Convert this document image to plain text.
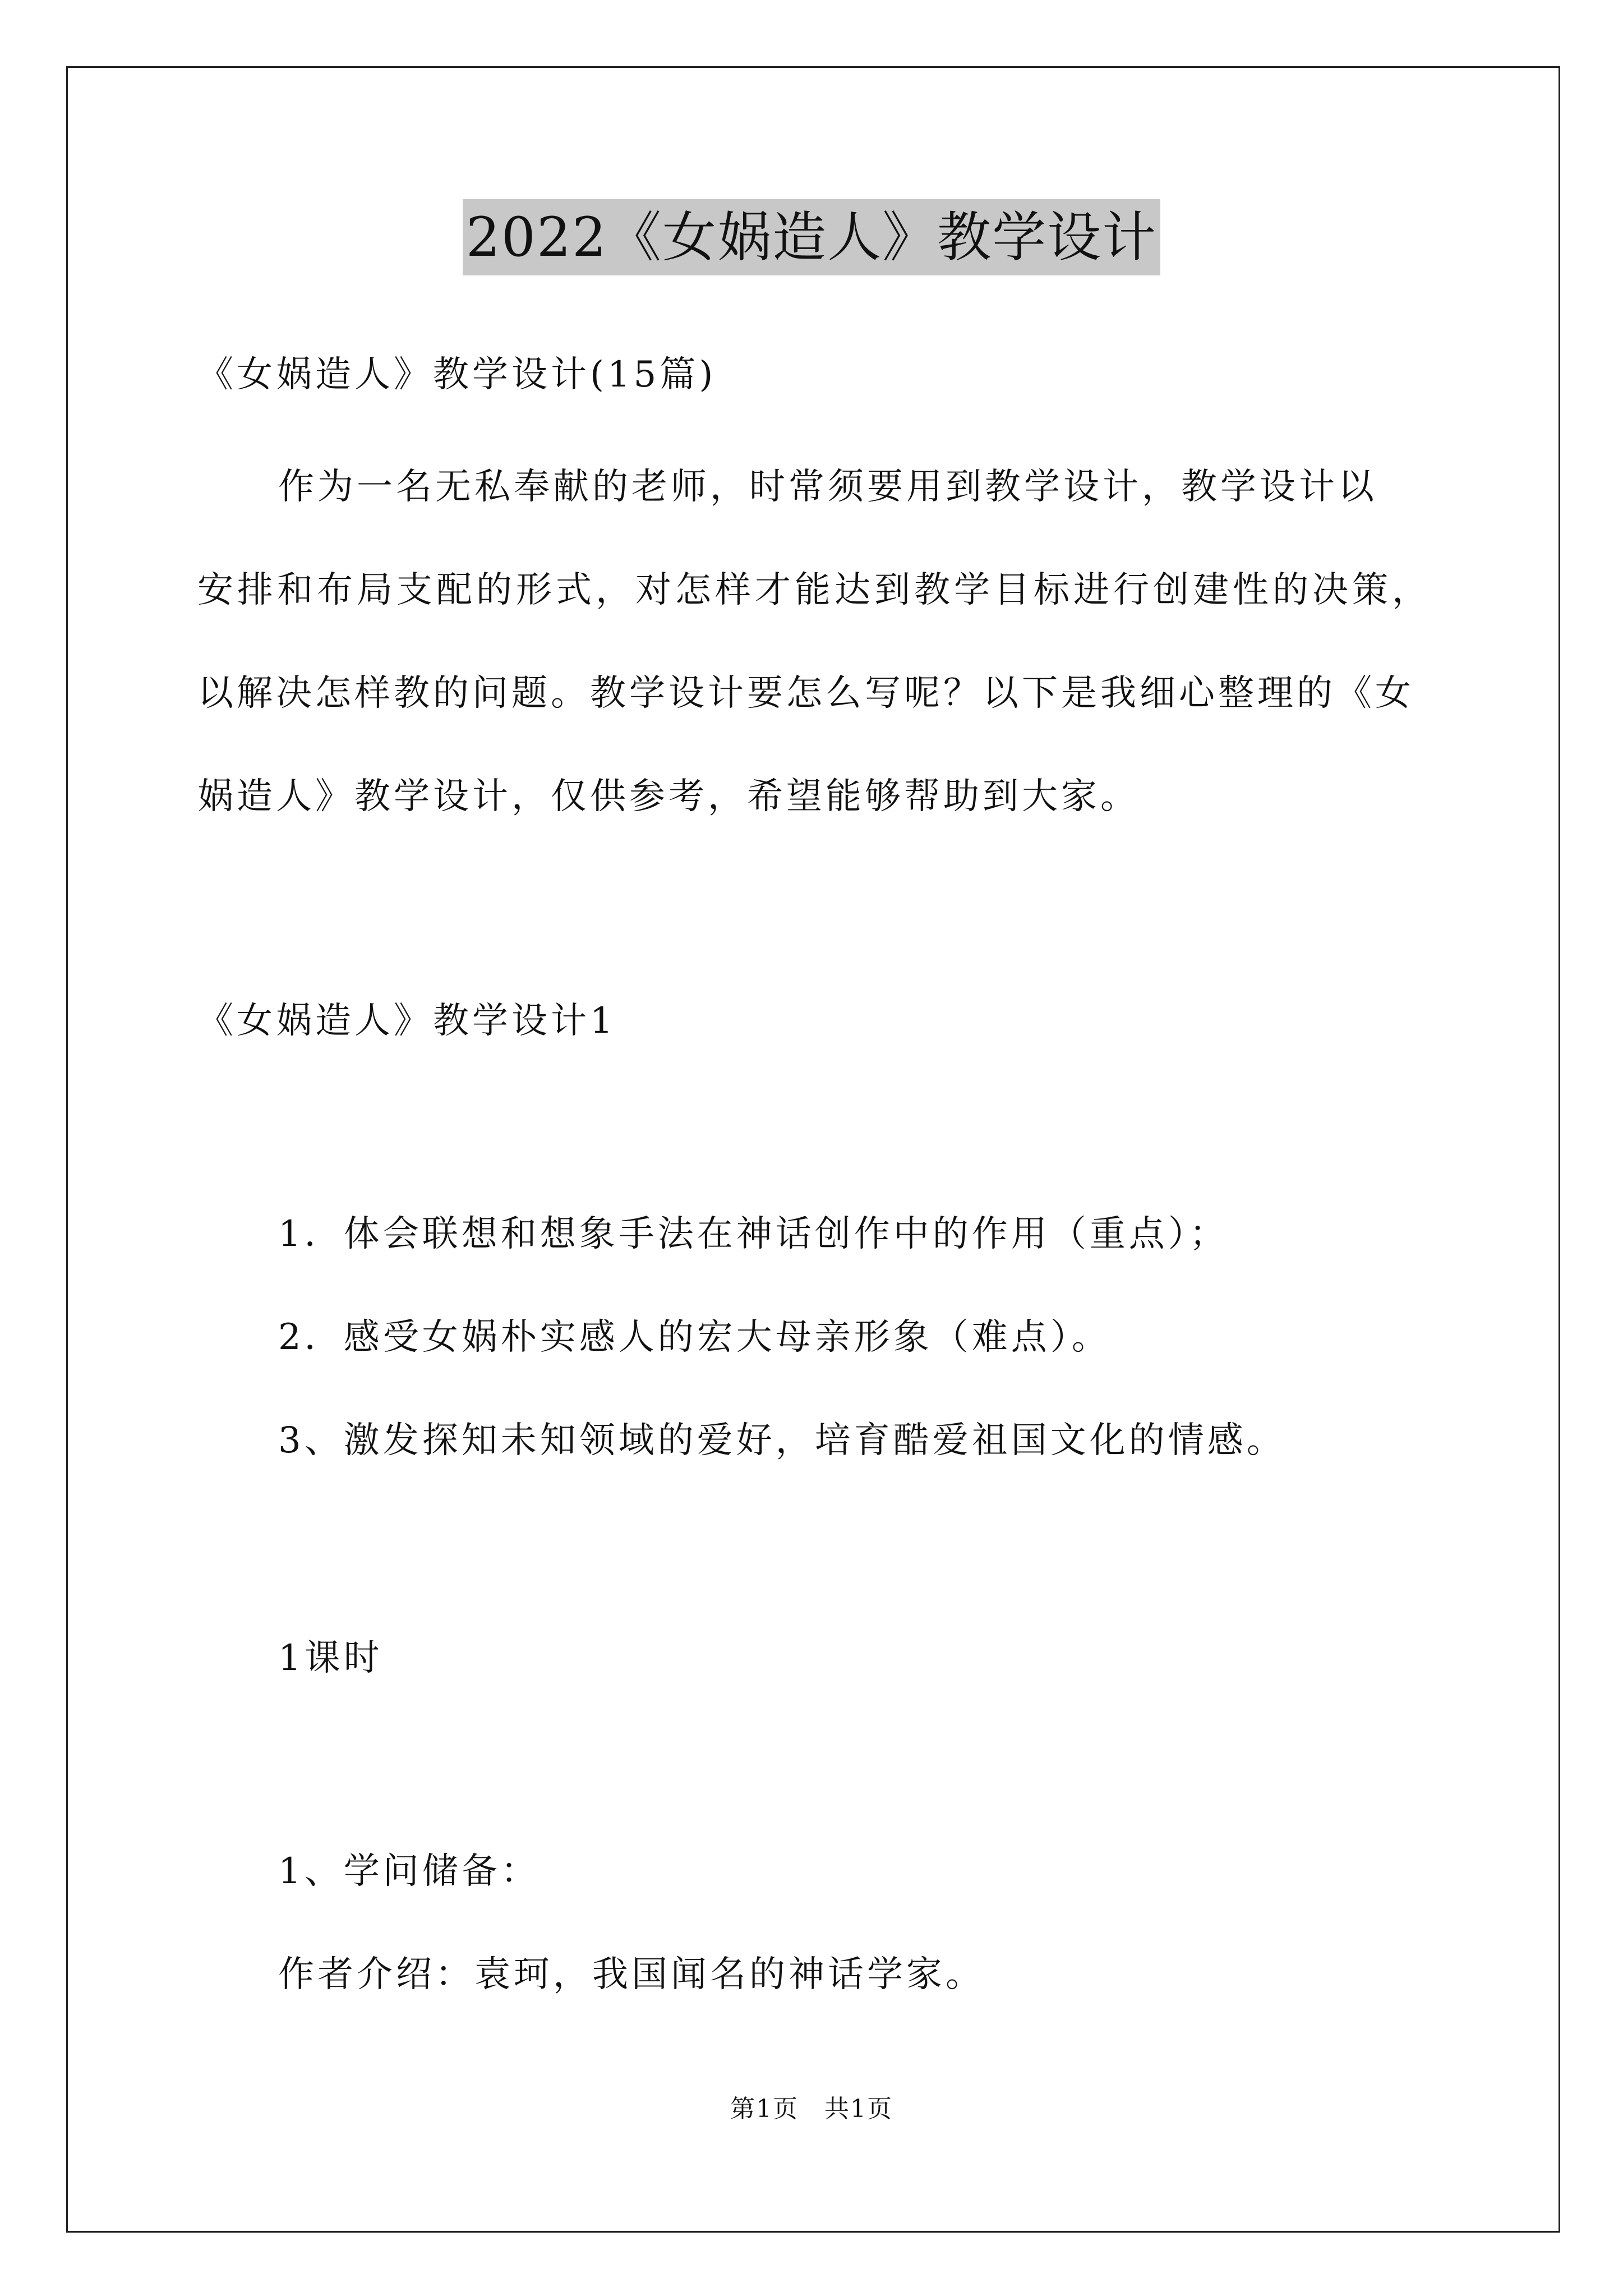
2022《女娲造人》教学设计
《女娲造人》教学设计(15篇)
作为一名无私奉献的老师，时常须要用到教学设计，教学设计以
安排和布局支配的形式，对怎样才能达到教学目标进行创建性的决策，
以解决怎样教的问题。教学设计要怎么写呢？以下是我细心整理的《女
娲造人》教学设计，仅供参考，希望能够帮助到大家。
《女娲造人》教学设计1
1．体会联想和想象手法在神话创作中的作用（重点）；
2．感受女娲朴实感人的宏大母亲形象（难点）。
3、激发探知未知领域的爱好，培育酷爱祖国文化的情感。
1课时
1、学问储备：
作者介绍：袁珂，我国闻名的神话学家。
第1页　共1页
